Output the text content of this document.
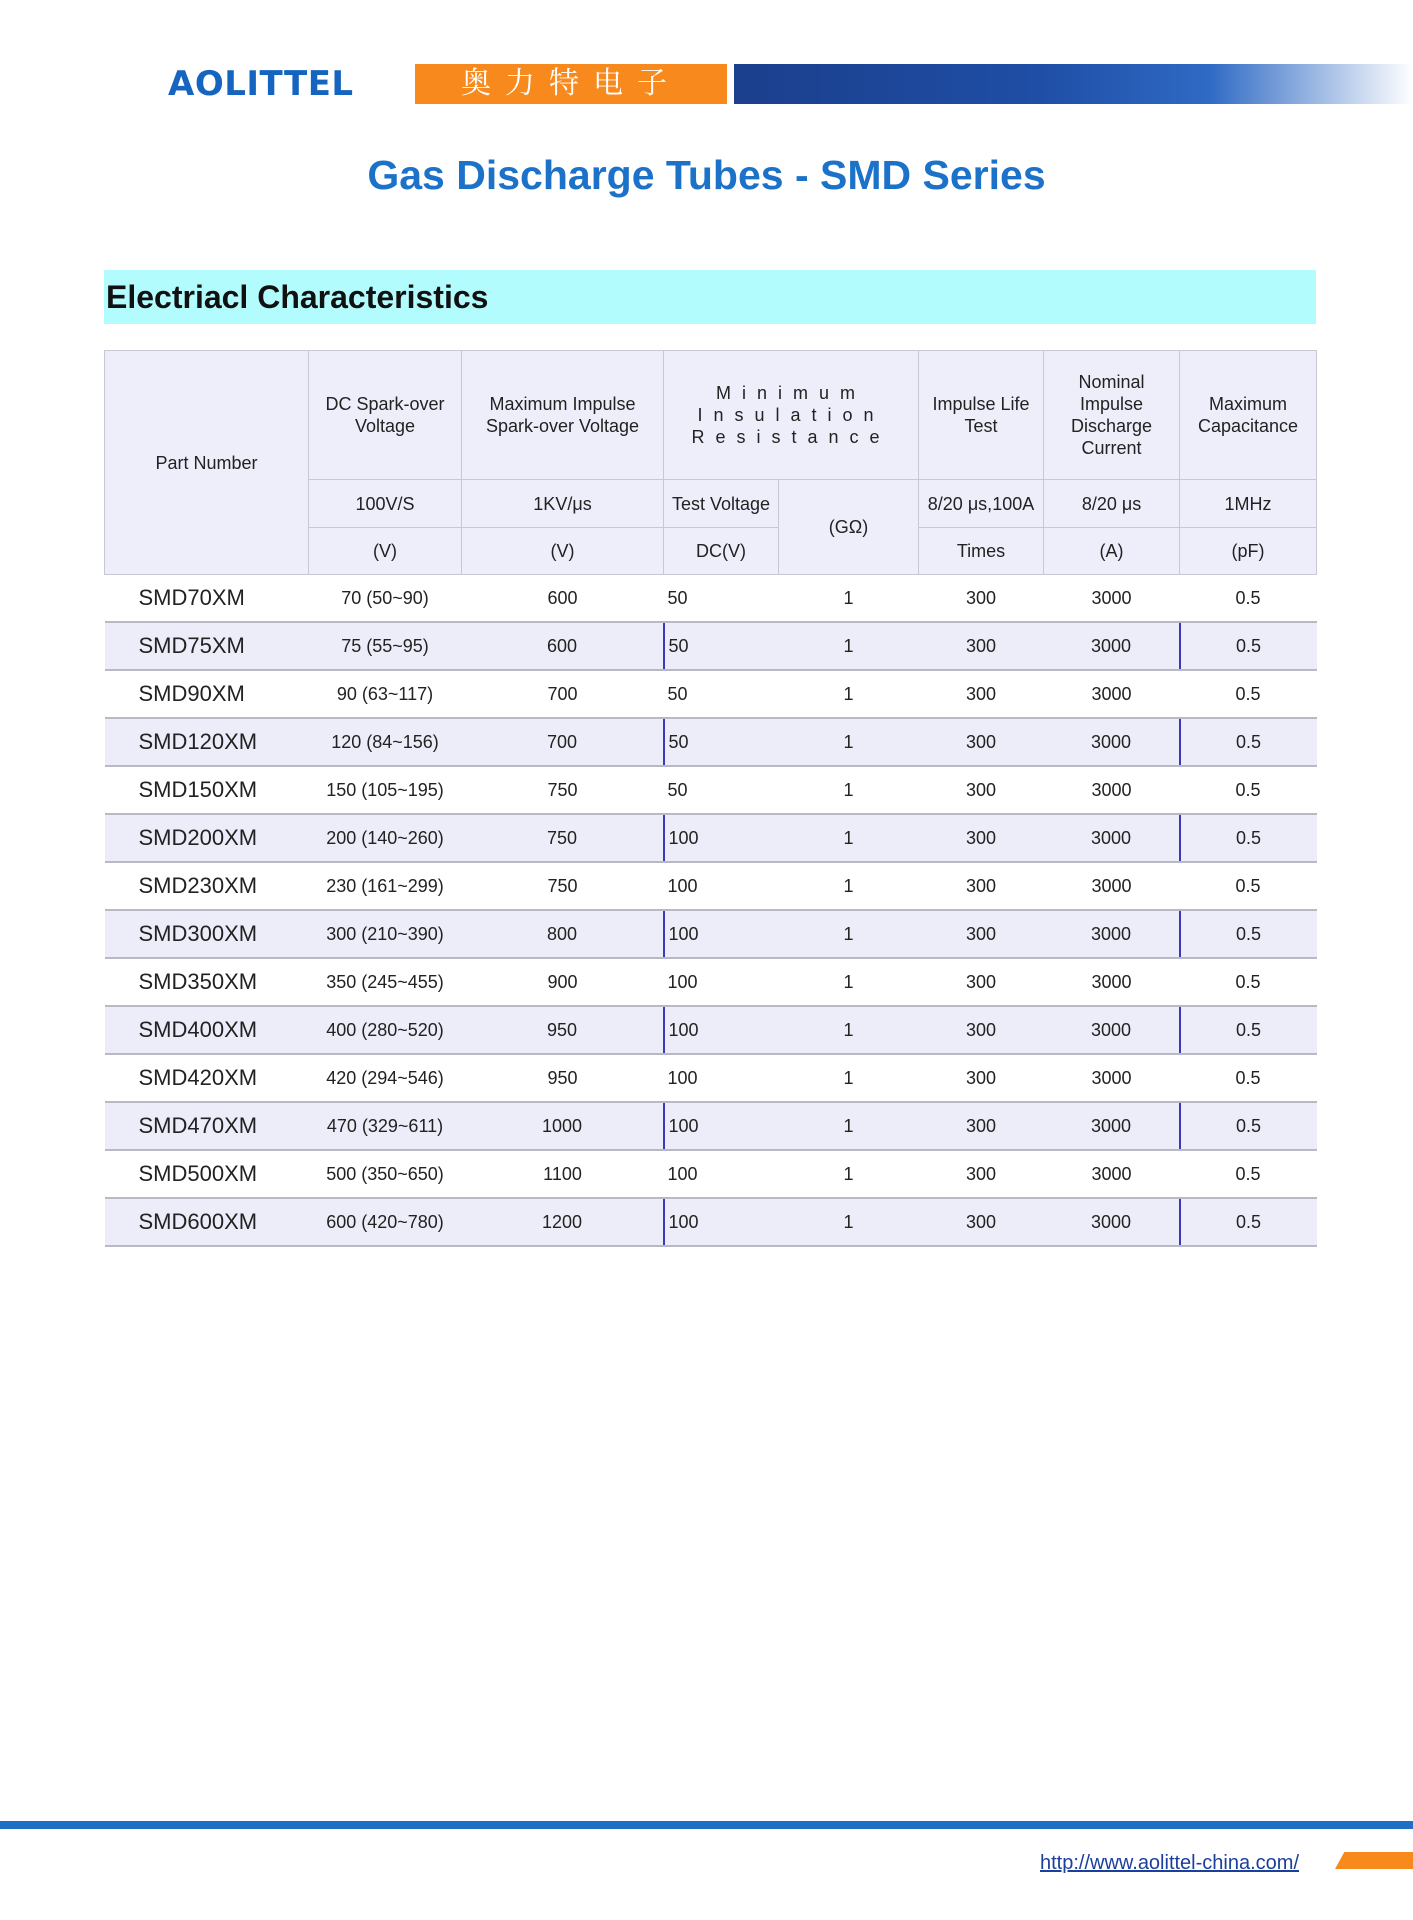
AOLITTEL	奥力特电子
Gas Discharge Tubes - SMD Series
Electriacl Characteristics
Part Number	DC Spark-over Voltage	Maximum Impulse Spark-over Voltage	Minimum Insulation Resistance		Impulse Life Test	Nominal Impulse Discharge Current	Maximum Capacitance
	100V/S	1KV/μs	Test Voltage	(GΩ)	8/20 μs,100A	8/20 μs	1MHz
	(V)	(V)	DC(V)		Times	(A)	(pF)
SMD70XM	70 (50~90)	600	50	1	300	3000	0.5
SMD75XM	75 (55~95)	600	50	1	300	3000	0.5
SMD90XM	90 (63~117)	700	50	1	300	3000	0.5
SMD120XM	120 (84~156)	700	50	1	300	3000	0.5
SMD150XM	150 (105~195)	750	50	1	300	3000	0.5
SMD200XM	200 (140~260)	750	100	1	300	3000	0.5
SMD230XM	230 (161~299)	750	100	1	300	3000	0.5
SMD300XM	300 (210~390)	800	100	1	300	3000	0.5
SMD350XM	350 (245~455)	900	100	1	300	3000	0.5
SMD400XM	400 (280~520)	950	100	1	300	3000	0.5
SMD420XM	420 (294~546)	950	100	1	300	3000	0.5
SMD470XM	470 (329~611)	1000	100	1	300	3000	0.5
SMD500XM	500 (350~650)	1100	100	1	300	3000	0.5
SMD600XM	600 (420~780)	1200	100	1	300	3000	0.5
http://www.aolittel-china.com/
